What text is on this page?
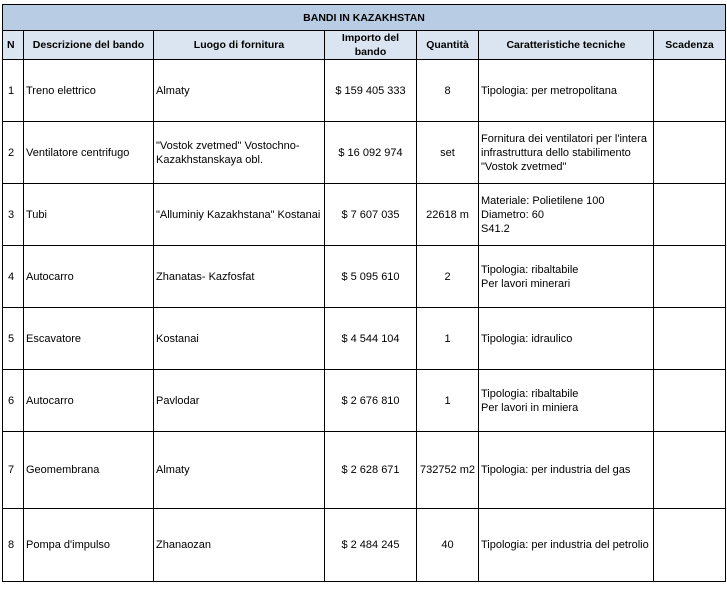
BANDI IN KAZAKHSTAN						
N	Descrizione del bando	Luogo di fornitura	Importo del bando	Quantità	Caratteristiche tecniche	Scadenza
1	Treno elettrico	Almaty	$ 159 405 333	8	Tipologia: per metropolitana	
2	Ventilatore centrifugo	"Vostok zvetmed" Vostochno-
Kazakhstanskaya obl.	$ 16 092 974	set	Fornitura dei ventilatori per l'intera
infrastruttura dello stabilimento
"Vostok zvetmed"	
3	Tubi	"Alluminiy Kazakhstana" Kostanai	$ 7 607 035	22618 m	Materiale: Polietilene 100
Diametro: 60
S41.2	
4	Autocarro	Zhanatas- Kazfosfat	$ 5 095 610	2	Tipologia: ribaltabile
Per lavori minerari	
5	Escavatore	Kostanai	$ 4 544 104	1	Tipologia: idraulico	
6	Autocarro	Pavlodar	$ 2 676 810	1	Tipologia: ribaltabile
Per lavori in miniera	
7	Geomembrana	Almaty	$ 2 628 671	732752 m2	Tipologia: per industria del gas	
8	Pompa d'impulso	Zhanaozan	$ 2 484 245	40	Tipologia: per industria del petrolio	
